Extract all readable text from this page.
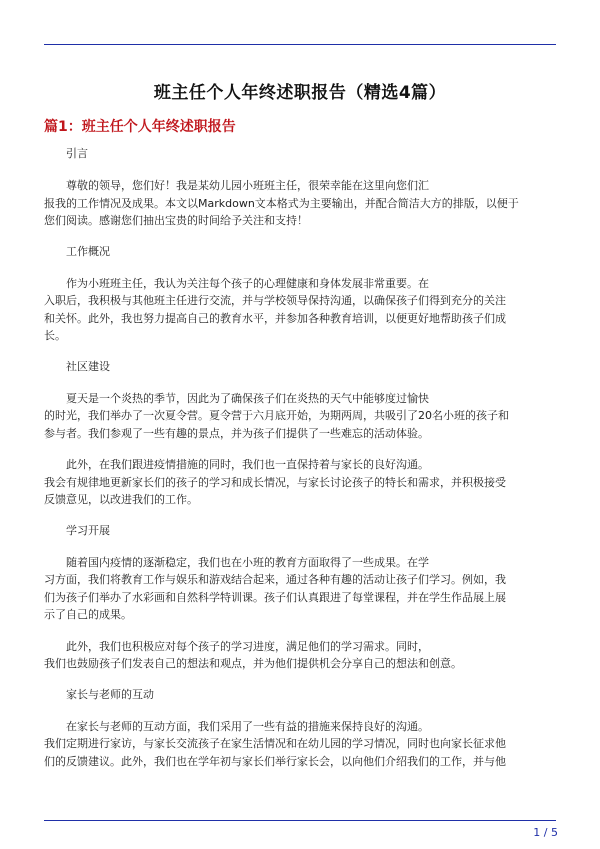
班主任个人年终述职报告（精选4篇）
篇1：班主任个人年终述职报告
引言
尊敬的领导，您们好！我是某幼儿园小班班主任，很荣幸能在这里向您们汇
报我的工作情况及成果。本文以Markdown文本格式为主要输出，并配合简洁大方的排版，以便于
您们阅读。感谢您们抽出宝贵的时间给予关注和支持！
工作概况
作为小班班主任，我认为关注每个孩子的心理健康和身体发展非常重要。在
入职后，我积极与其他班主任进行交流，并与学校领导保持沟通，以确保孩子们得到充分的关注
和关怀。此外，我也努力提高自己的教育水平，并参加各种教育培训，以便更好地帮助孩子们成
长。
社区建设
夏天是一个炎热的季节，因此为了确保孩子们在炎热的天气中能够度过愉快
的时光，我们举办了一次夏令营。夏令营于六月底开始，为期两周，共吸引了20名小班的孩子和
参与者。我们参观了一些有趣的景点，并为孩子们提供了一些难忘的活动体验。
此外，在我们跟进疫情措施的同时，我们也一直保持着与家长的良好沟通。
我会有规律地更新家长们的孩子的学习和成长情况，与家长讨论孩子的特长和需求，并积极接受
反馈意见，以改进我们的工作。
学习开展
随着国内疫情的逐渐稳定，我们也在小班的教育方面取得了一些成果。在学
习方面，我们将教育工作与娱乐和游戏结合起来，通过各种有趣的活动让孩子们学习。例如，我
们为孩子们举办了水彩画和自然科学特训课。孩子们认真跟进了每堂课程，并在学生作品展上展
示了自己的成果。
此外，我们也积极应对每个孩子的学习进度，满足他们的学习需求。同时，
我们也鼓励孩子们发表自己的想法和观点，并为他们提供机会分享自己的想法和创意。
家长与老师的互动
在家长与老师的互动方面，我们采用了一些有益的措施来保持良好的沟通。
我们定期进行家访，与家长交流孩子在家生活情况和在幼儿园的学习情况，同时也向家长征求他
们的反馈建议。此外，我们也在学年初与家长们举行家长会，以向他们介绍我们的工作，并与他
1 / 5
